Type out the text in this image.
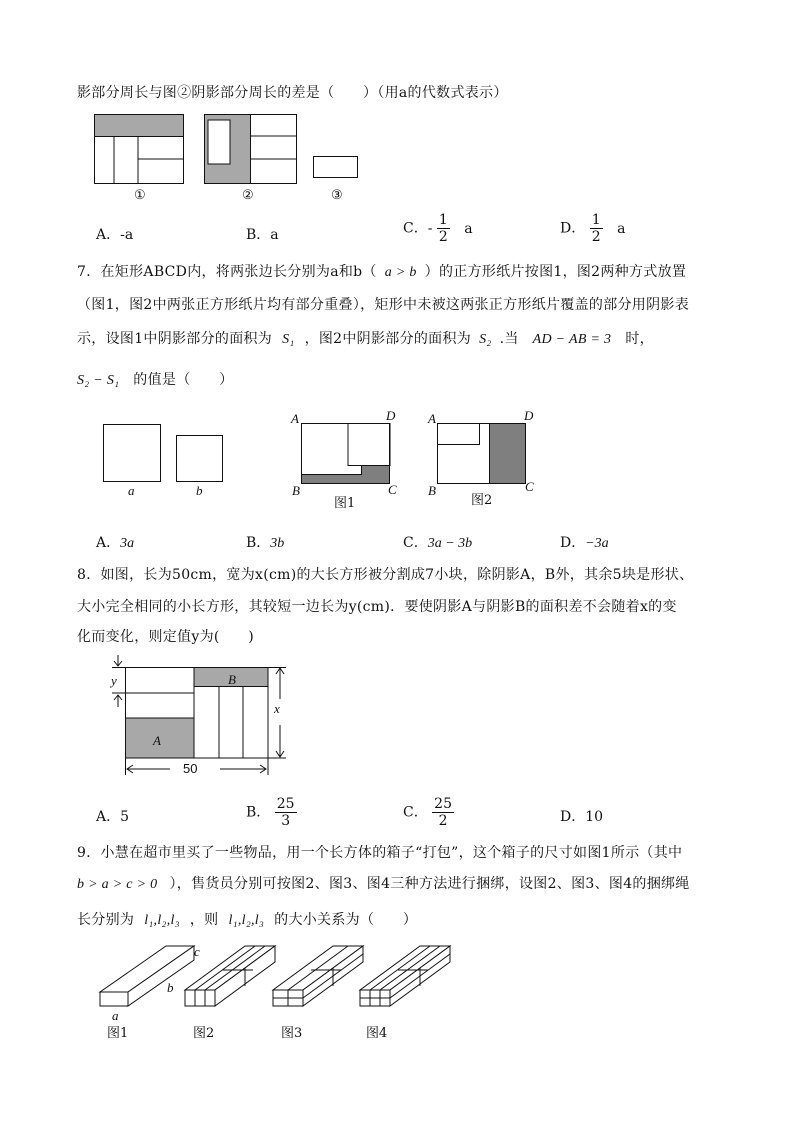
影部分周长与图②阴影部分周长的差是（　　）（用a的代数式表示）
①	②	③
A．-a	B．a	C．- $\frac{1}{2}$ a	D． $\frac{1}{2}$ a
7．在矩形ABCD内，将两张边长分别为a和b（ a > b ）的正方形纸片按图1，图2两种方式放置
（图1，图2中两张正方形纸片均有部分重叠），矩形中未被这两张正方形纸片覆盖的部分用阴影表
示，设图1中阴影部分的面积为 S₁ ，图2中阴影部分的面积为 S₂ .当 AD − AB = 3 时，
S₂ − S₁ 的值是（　　）
a	b
A	D
B	C
图1
A	D
B	C
图2
A．3a	B．3b	C．3a − 3b	D．−3a
8．如图，长为50cm，宽为x(cm)的大长方形被分割成7小块，除阴影A，B外，其余5块是形状、
大小完全相同的小长方形，其较短一边长为y(cm)．要使阴影A与阴影B的面积差不会随着x的变
化而变化，则定值y为(　　)
y
x
A
B
50
A．5	B． $\frac{25}{3}$	C． $\frac{25}{2}$	D．10
9．小慧在超市里买了一些物品，用一个长方体的箱子“打包”，这个箱子的尺寸如图1所示（其中
b > a > c > 0 ），售货员分别可按图2、图3、图4三种方法进行捆绑，设图2、图3、图4的捆绑绳
长分别为 l₁,l₂,l₃ ，则 l₁,l₂,l₃ 的大小关系为（　　）
c
b
a
图1	图2	图3	图4
